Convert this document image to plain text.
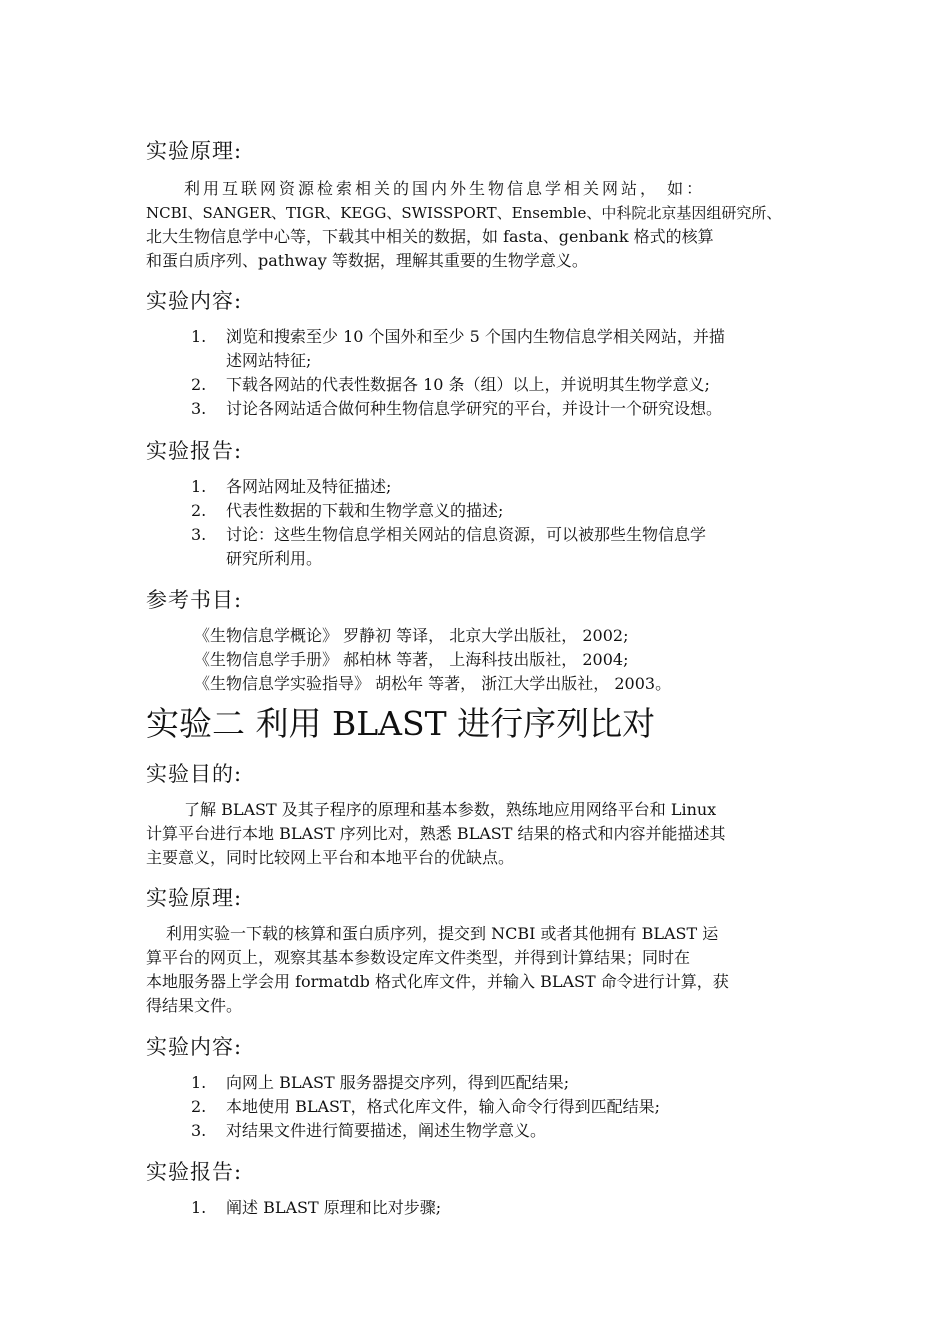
实验原理:

利用互联网资源检索相关的国内外生物信息学相关网站， 如：
NCBI、SANGER、TIGR、KEGG、SWISSPORT、Ensemble、中科院北京基因组研究所、
北大生物信息学中心等，下载其中相关的数据，如 fasta、genbank 格式的核算
和蛋白质序列、pathway 等数据，理解其重要的生物学意义。

实验内容:
1. 浏览和搜索至少 10 个国外和至少 5 个国内生物信息学相关网站，并描
述网站特征;
2. 下载各网站的代表性数据各 10 条（组）以上，并说明其生物学意义;
3. 讨论各网站适合做何种生物信息学研究的平台，并设计一个研究设想。
实验报告:
1. 各网站网址及特征描述;
2. 代表性数据的下载和生物学意义的描述;
3. 讨论：这些生物信息学相关网站的信息资源，可以被那些生物信息学
研究所利用。
参考书目:
《生物信息学概论》 罗静初 等译， 北京大学出版社， 2002;
《生物信息学手册》 郝柏林 等著， 上海科技出版社， 2004;
《生物信息学实验指导》 胡松年 等著， 浙江大学出版社， 2003。
实验二 利用 BLAST 进行序列比对
实验目的:

了解 BLAST 及其子程序的原理和基本参数，熟练地应用网络平台和 Linux
计算平台进行本地 BLAST 序列比对，熟悉 BLAST 结果的格式和内容并能描述其
主要意义，同时比较网上平台和本地平台的优缺点。

实验原理:

利用实验一下载的核算和蛋白质序列，提交到 NCBI 或者其他拥有 BLAST 运
算平台的网页上，观察其基本参数设定库文件类型，并得到计算结果；同时在
本地服务器上学会用 formatdb 格式化库文件，并输入 BLAST 命令进行计算，获
得结果文件。

实验内容:
1. 向网上 BLAST 服务器提交序列，得到匹配结果;
2. 本地使用 BLAST，格式化库文件，输入命令行得到匹配结果;
3. 对结果文件进行简要描述，阐述生物学意义。
实验报告:
1. 阐述 BLAST 原理和比对步骤;
